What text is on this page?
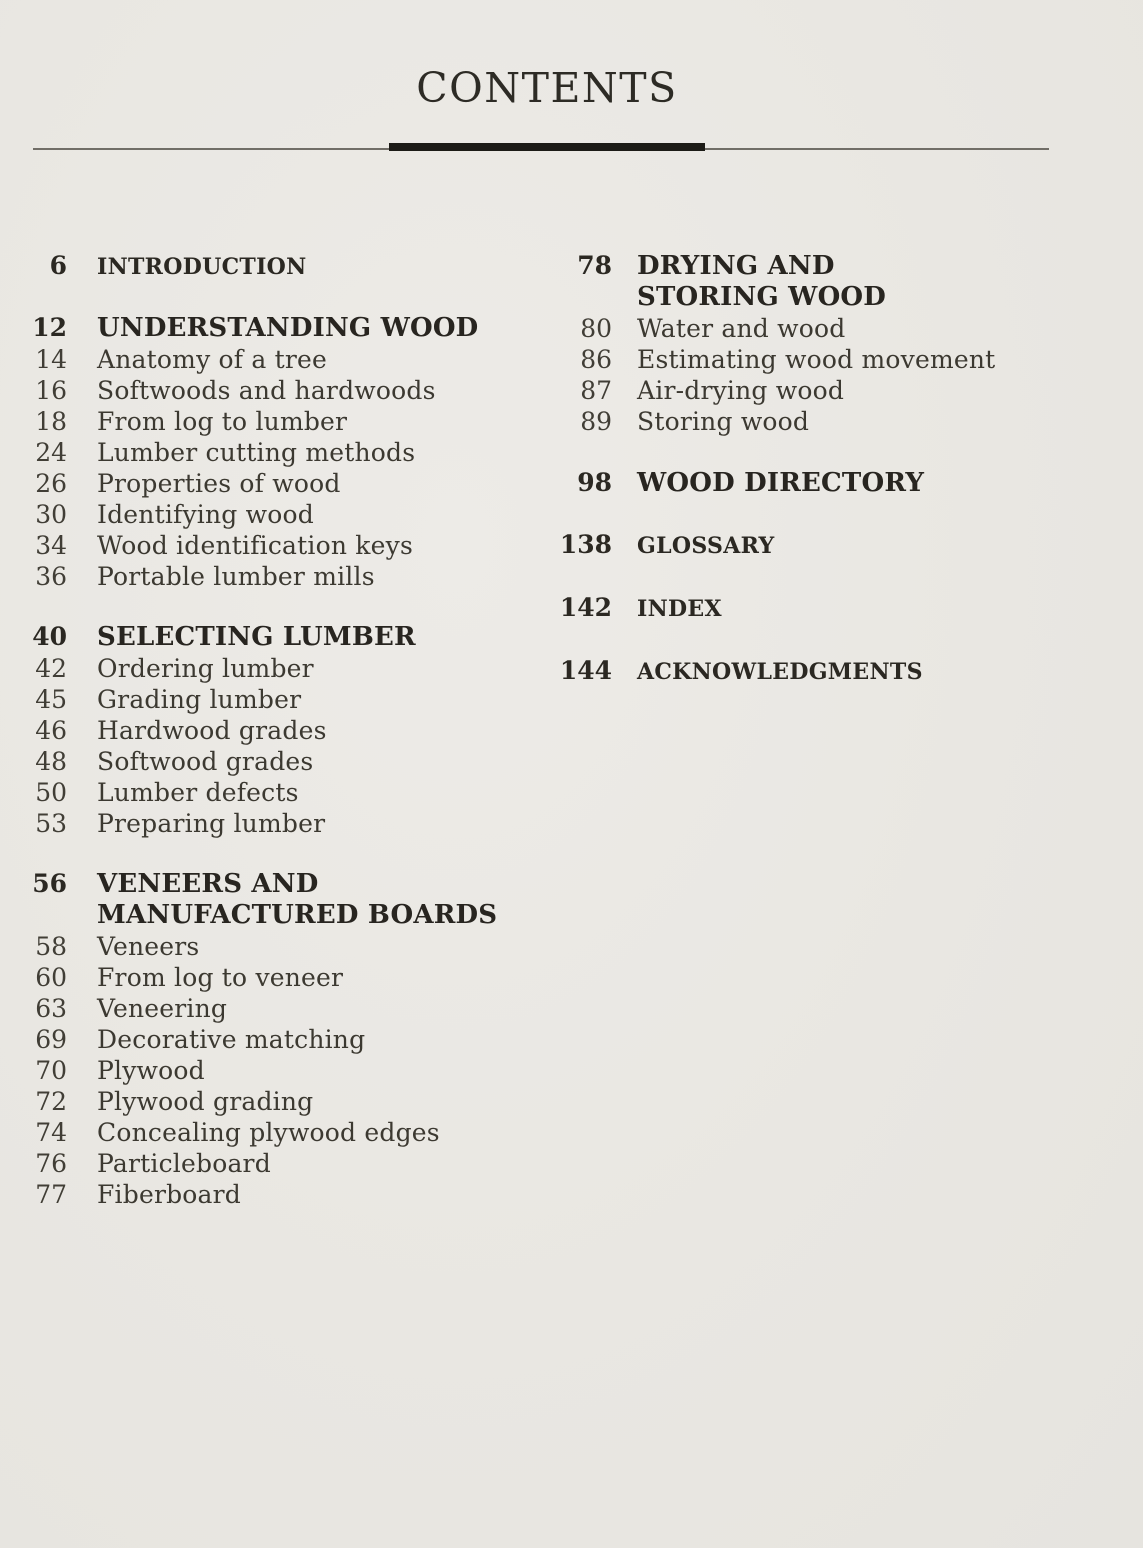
CONTENTS
6 INTRODUCTION
12 UNDERSTANDING WOOD
14 Anatomy of a tree
16 Softwoods and hardwoods
18 From log to lumber
24 Lumber cutting methods
26 Properties of wood
30 Identifying wood
34 Wood identification keys
36 Portable lumber mills
40 SELECTING LUMBER
42 Ordering lumber
45 Grading lumber
46 Hardwood grades
48 Softwood grades
50 Lumber defects
53 Preparing lumber
56 VENEERS AND
MANUFACTURED BOARDS
58 Veneers
60 From log to veneer
63 Veneering
69 Decorative matching
70 Plywood
72 Plywood grading
74 Concealing plywood edges
76 Particleboard
77 Fiberboard
78 DRYING AND
STORING WOOD
80 Water and wood
86 Estimating wood movement
87 Air-drying wood
89 Storing wood
98 WOOD DIRECTORY
138 GLOSSARY
142 INDEX
144 ACKNOWLEDGMENTS
